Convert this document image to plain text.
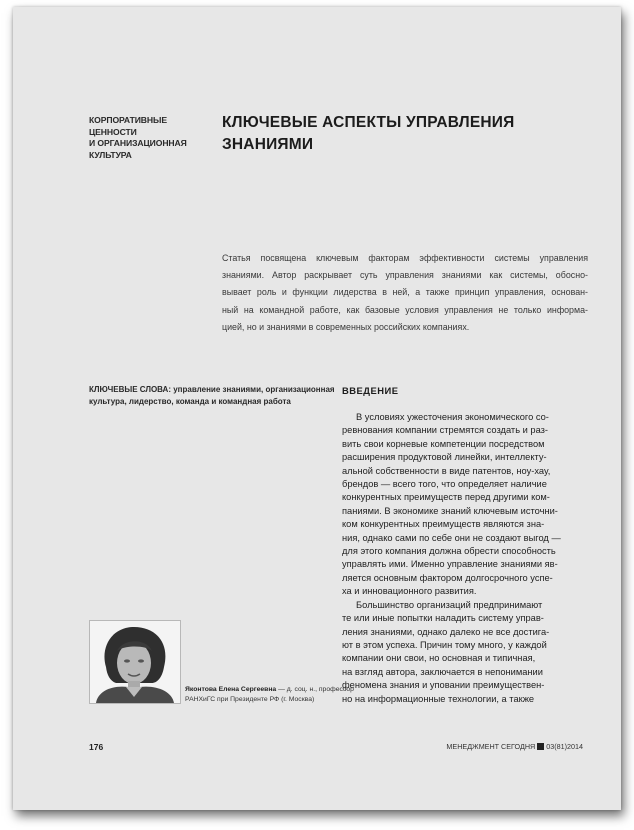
КОРПОРАТИВНЫЕ
ЦЕННОСТИ
И ОРГАНИЗАЦИОННАЯ
КУЛЬТУРА
КЛЮЧЕВЫЕ АСПЕКТЫ УПРАВЛЕНИЯ
ЗНАНИЯМИ
Статья посвящена ключевым факторам эффективности системы управления
знаниями. Автор раскрывает суть управления знаниями как системы, обосно-
вывает роль и функции лидерства в ней, а также принцип управления, основан-
ный на командной работе, как базовые условия управления не только информа-
цией, но и знаниями в современных российских компаниях.
КЛЮЧЕВЫЕ СЛОВА: управление знаниями, организационная
культура, лидерство, команда и командная работа
ВВЕДЕНИЕ
В условиях ужесточения экономического со-
ревнования компании стремятся создать и раз-
вить свои корневые компетенции посредством
расширения продуктовой линейки, интеллекту-
альной собственности в виде патентов, ноу-хау,
брендов — всего того, что определяет наличие
конкурентных преимуществ перед другими ком-
паниями. В экономике знаний ключевым источни-
ком конкурентных преимуществ являются зна-
ния, однако сами по себе они не создают выгод —
для этого компания должна обрести способность
управлять ими. Именно управление знаниями яв-
ляется основным фактором долгосрочного успе-
ха и инновационного развития.
Большинство организаций предпринимают
те или иные попытки наладить систему управ-
ления знаниями, однако далеко не все достига-
ют в этом успеха. Причин тому много, у каждой
компании они свои, но основная и типичная,
на взгляд автора, заключается в непонимании
феномена знания и уповании преимуществен-
но на информационные технологии, а также
Яконтова Елена Сергеевна — д. соц. н., профессор
РАНХиГС при Президенте РФ (г. Москва)
176	МЕНЕДЖМЕНТ СЕГОДНЯ 03(81)2014
